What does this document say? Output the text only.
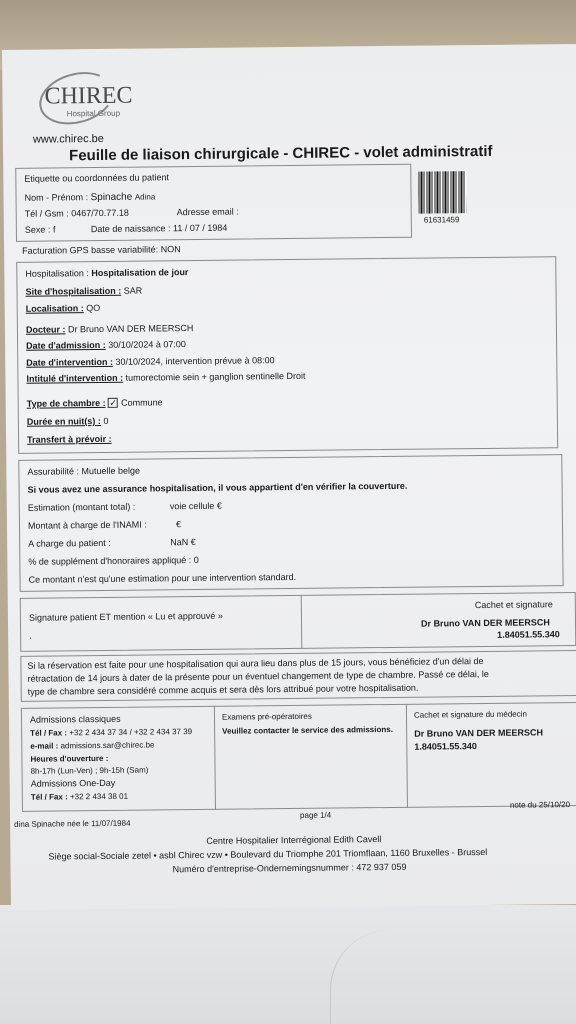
CHIREC
Hospital Group
www.chirec.be
Feuille de liaison chirurgicale - CHIREC - volet administratif
Etiquette ou coordonnées du patient
Nom - Prénom : Spinache Adina
Tél / Gsm : 0467/70.77.18	Adresse email :
Sexe : f	Date de naissance : 11 / 07 / 1984
61631459
Facturation GPS basse variabilité: NON
Hospitalisation : Hospitalisation de jour
Site d'hospitalisation : SAR
Localisation : QO
Docteur : Dr Bruno VAN DER MEERSCH
Date d'admission : 30/10/2024 à 07:00
Date d'intervention : 30/10/2024, intervention prévue à 08:00
Intitulé d'intervention : tumorectomie sein + ganglion sentinelle Droit
Type de chambre : ✓ Commune
Durée en nuit(s) : 0
Transfert à prévoir :
Assurabilité : Mutuelle belge
Si vous avez une assurance hospitalisation, il vous appartient d'en vérifier la couverture.
Estimation (montant total) :	voie cellule €
Montant à charge de l'INAMI :	€
A charge du patient :	NaN €
% de supplément d'honoraires appliqué : 0
Ce montant n'est qu'une estimation pour une intervention standard.
Signature patient ET mention « Lu et approuvé »
.
Cachet et signature
Dr Bruno VAN DER MEERSCH
1.84051.55.340
Si la réservation est faite pour une hospitalisation qui aura lieu dans plus de 15 jours, vous bénéficiez d'un délai de
rétractation de 14 jours à dater de la présente pour un éventuel changement de type de chambre. Passé ce délai, le
type de chambre sera considéré comme acquis et sera dès lors attribué pour votre hospitalisation.
Admissions classiques
Tél / Fax : +32 2 434 37 34 / +32 2 434 37 39
e-mail : admissions.sar@chirec.be
Heures d'ouverture :
8h-17h (Lun-Ven) ; 9h-15h (Sam)
Admissions One-Day
Tél / Fax : +32 2 434 38 01
Examens pré-opératoires
Veuillez contacter le service des admissions.
Cachet et signature du médecin
Dr Bruno VAN DER MEERSCH
1.84051.55.340
dina Spinache née le 11/07/1984
page 1/4
note du 25/10/20
Centre Hospitalier Interrégional Edith Cavell
Siège social-Sociale zetel • asbl Chirec vzw • Boulevard du Triomphe 201 Triomflaan, 1160 Bruxelles - Brussel
Numéro d'entreprise-Ondernemingsnummer : 472 937 059
